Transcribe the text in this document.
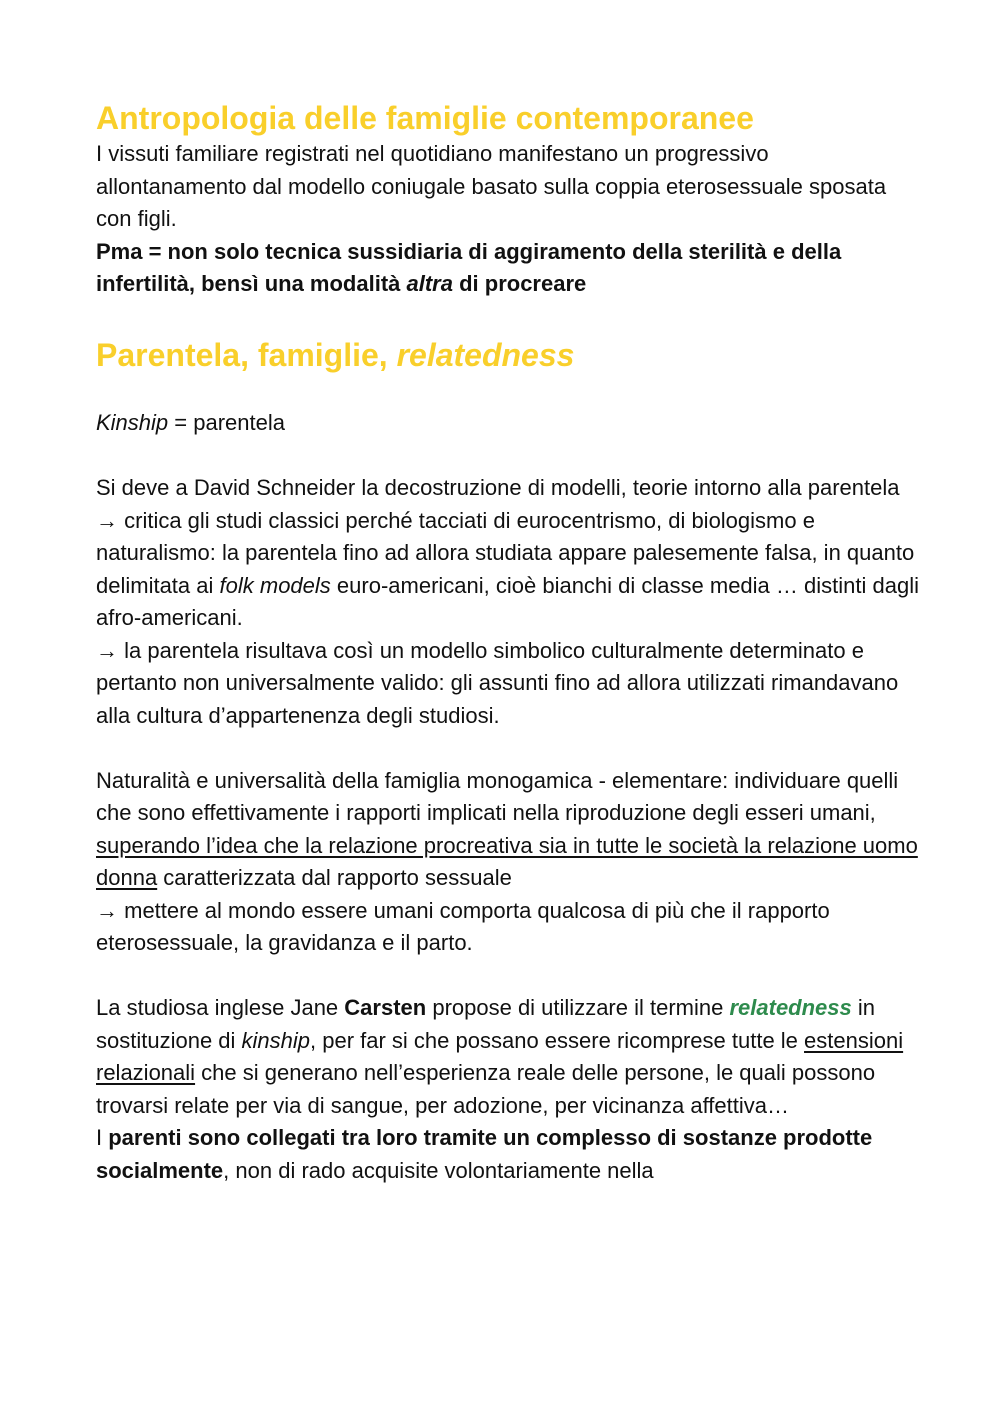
Antropologia delle famiglie contemporanee

I vissuti familiare registrati nel quotidiano manifestano un progressivo allontanamento dal modello coniugale basato sulla coppia eterosessuale sposata con figli.

Pma = non solo tecnica sussidiaria di aggiramento della sterilità e della infertilità, bensì una modalità altra di procreare

Parentela, famiglie, relatedness

Kinship = parentela

Si deve a David Schneider la decostruzione di modelli, teorie intorno alla parentela

→ critica gli studi classici perché tacciati di eurocentrismo, di biologismo e naturalismo: la parentela fino ad allora studiata appare palesemente falsa, in quanto delimitata ai folk models euro-americani, cioè bianchi di classe media … distinti dagli afro-americani.

→ la parentela risultava così un modello simbolico culturalmente determinato e pertanto non universalmente valido: gli assunti fino ad allora utilizzati rimandavano alla cultura d’appartenenza degli studiosi.

Naturalità e universalità della famiglia monogamica - elementare: individuare quelli che sono effettivamente i rapporti implicati nella riproduzione degli esseri umani, superando l’idea che la relazione procreativa sia in tutte le società la relazione uomo donna caratterizzata dal rapporto sessuale

→ mettere al mondo essere umani comporta qualcosa di più che il rapporto eterosessuale, la gravidanza e il parto.

La studiosa inglese Jane Carsten propose di utilizzare il termine relatedness in sostituzione di kinship, per far si che possano essere ricomprese tutte le estensioni relazionali che si generano nell’esperienza reale delle persone, le quali possono trovarsi relate per via di sangue, per adozione, per vicinanza affettiva…

I parenti sono collegati tra loro tramite un complesso di sostanze prodotte socialmente, non di rado acquisite volontariamente nella
